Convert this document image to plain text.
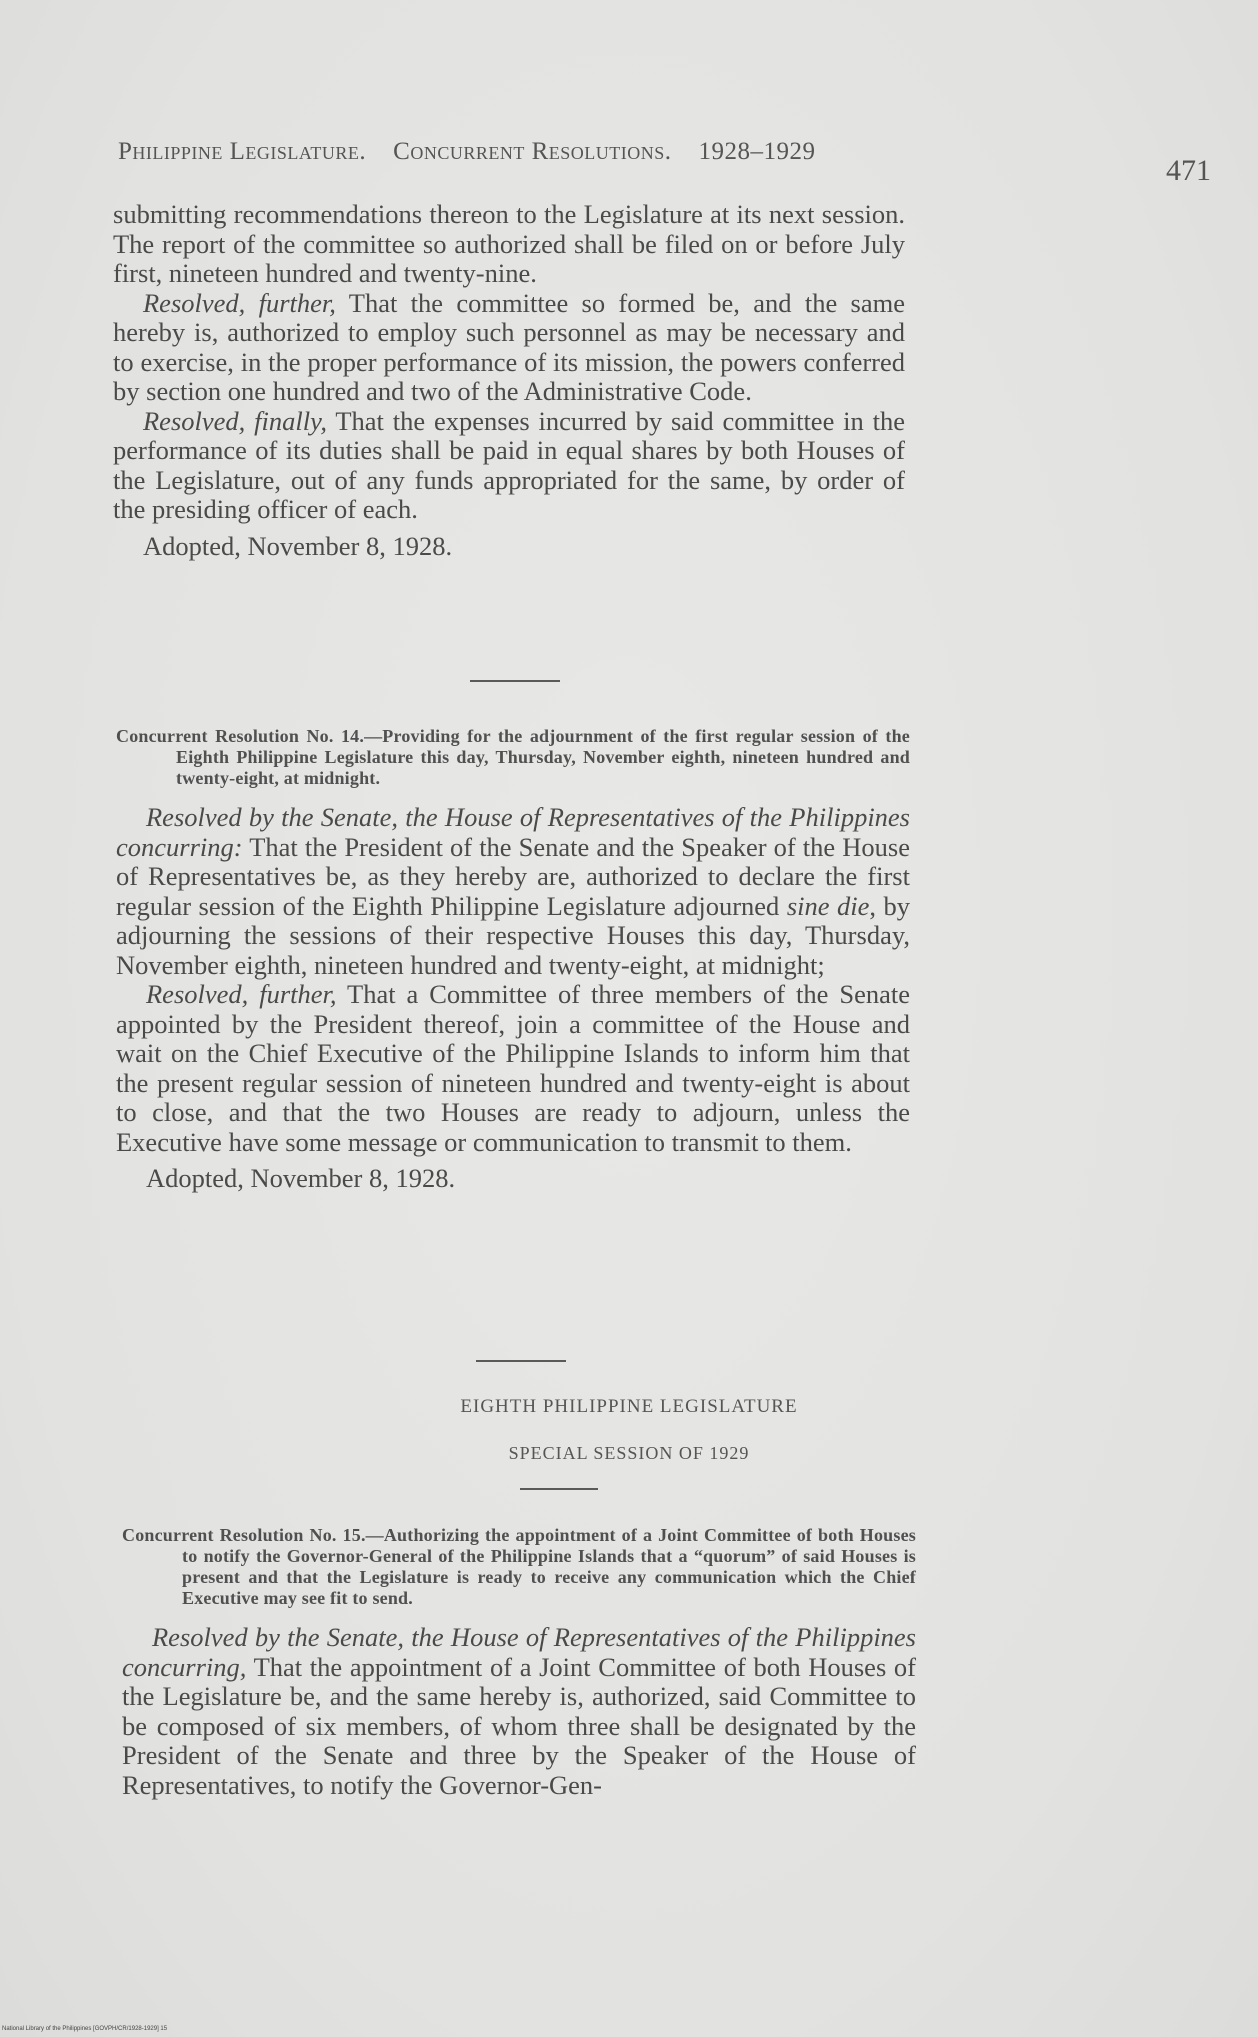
Philippine Legislature. Concurrent Resolutions. 1928–1929
471

submitting recommendations thereon to the Legislature at its next session. The report of the committee so authorized shall be filed on or before July first, nineteen hundred and twenty-nine.

Resolved, further, That the committee so formed be, and the same hereby is, authorized to employ such personnel as may be necessary and to exercise, in the proper performance of its mission, the powers conferred by section one hundred and two of the Administrative Code.

Resolved, finally, That the expenses incurred by said committee in the performance of its duties shall be paid in equal shares by both Houses of the Legislature, out of any funds appropriated for the same, by order of the presiding officer of each.

Adopted, November 8, 1928.
Concurrent Resolution No. 14.—Providing for the adjournment of the first regular session of the Eighth Philippine Legislature this day, Thursday, November eighth, nineteen hundred and twenty-eight, at midnight.

Resolved by the Senate, the House of Representatives of the Philippines concurring: That the President of the Senate and the Speaker of the House of Representatives be, as they hereby are, authorized to declare the first regular session of the Eighth Philippine Legislature adjourned sine die, by adjourning the sessions of their respective Houses this day, Thursday, November eighth, nineteen hundred and twenty-eight, at midnight;

Resolved, further, That a Committee of three members of the Senate appointed by the President thereof, join a committee of the House and wait on the Chief Executive of the Philippine Islands to inform him that the present regular session of nineteen hundred and twenty-eight is about to close, and that the two Houses are ready to adjourn, unless the Executive have some message or communication to transmit to them.

Adopted, November 8, 1928.
EIGHTH PHILIPPINE LEGISLATURE
SPECIAL SESSION OF 1929
Concurrent Resolution No. 15.—Authorizing the appointment of a Joint Committee of both Houses to notify the Governor-General of the Philippine Islands that a “quorum” of said Houses is present and that the Legislature is ready to receive any communication which the Chief Executive may see fit to send.

Resolved by the Senate, the House of Representatives of the Philippines concurring, That the appointment of a Joint Committee of both Houses of the Legislature be, and the same hereby is, authorized, said Committee to be composed of six members, of whom three shall be designated by the President of the Senate and three by the Speaker of the House of Representatives, to notify the Governor-Gen-

National Library of the Philippines [GOVPH/CR/1928-1929] 15
